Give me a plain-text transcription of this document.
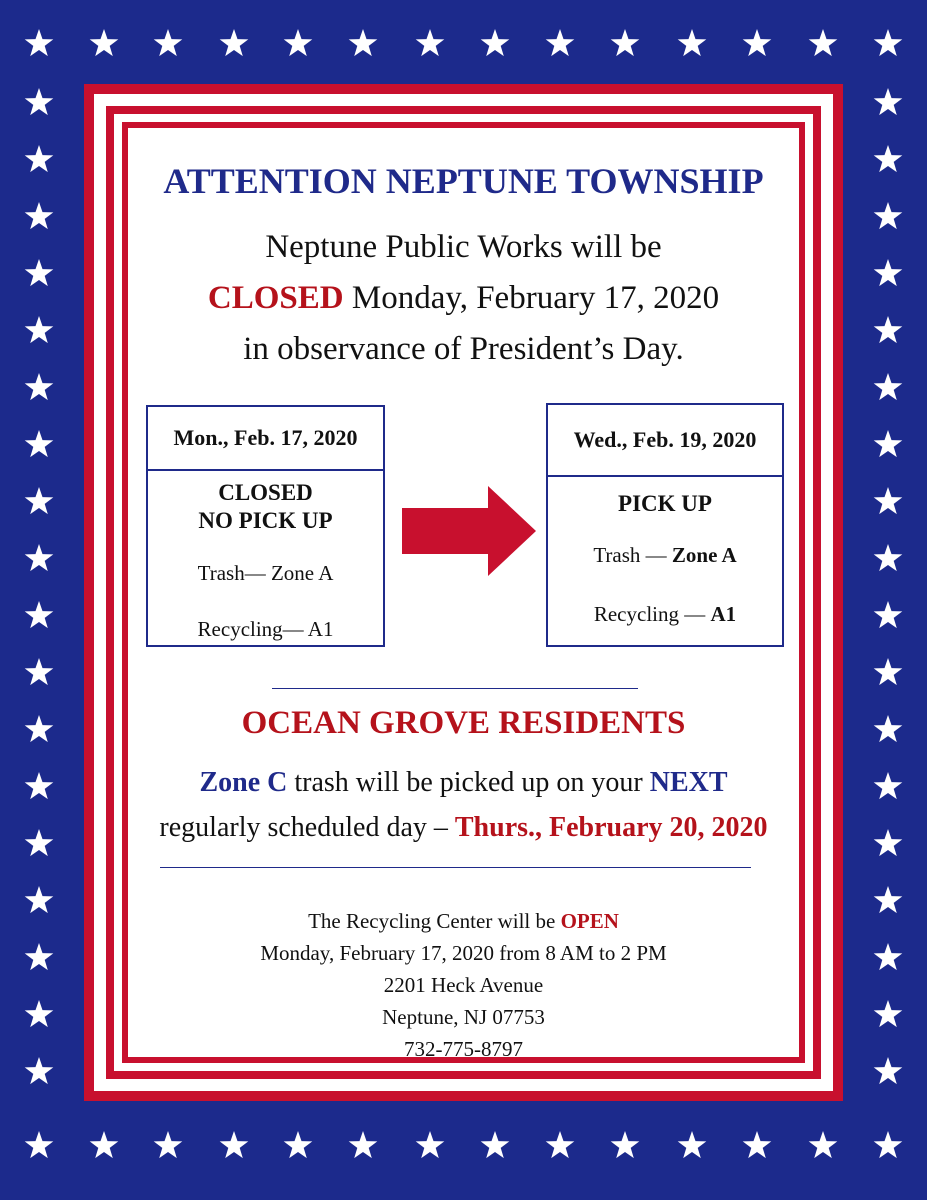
ATTENTION NEPTUNE TOWNSHIP
Neptune Public Works will be
CLOSED Monday, February 17, 2020
in observance of President’s Day.
Mon., Feb. 17, 2020
CLOSED
NO PICK UP
Trash— Zone A
Recycling— A1
Wed., Feb. 19, 2020
PICK UP
Trash — Zone A
Recycling — A1
OCEAN GROVE RESIDENTS
Zone C trash will be picked up on your NEXT
regularly scheduled day – Thurs., February 20, 2020
The Recycling Center will be OPEN
Monday, February 17, 2020 from 8 AM to 2 PM
2201 Heck Avenue
Neptune, NJ 07753
732-775-8797
